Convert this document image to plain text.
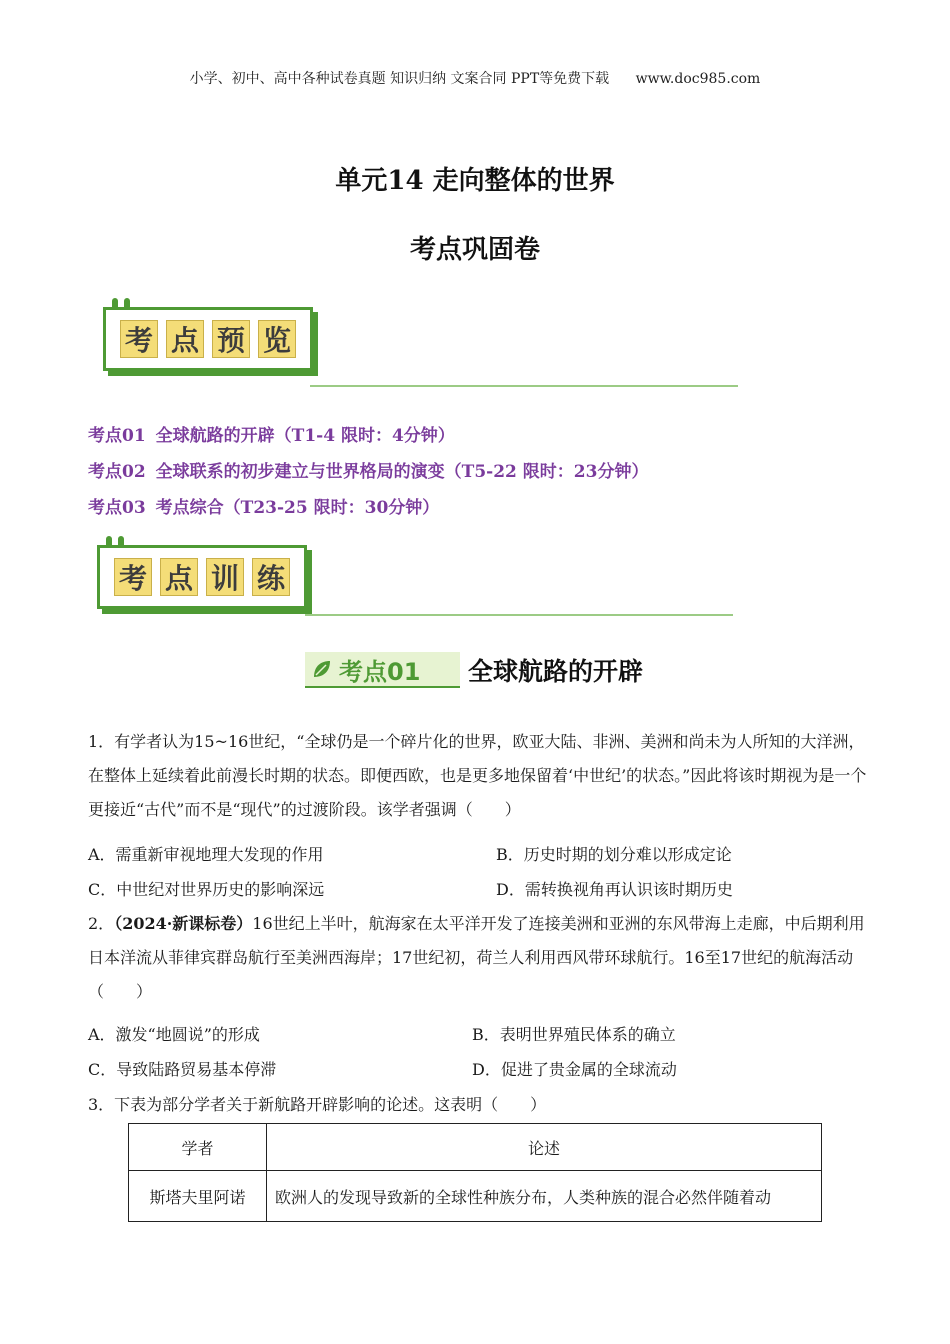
小学、初中、高中各种试卷真题 知识归纳 文案合同 PPT等免费下载 www.doc985.com
单元14 走向整体的世界
考点巩固卷
考 点 预 览
考点01 全球航路的开辟（T1-4 限时：4分钟）
考点02 全球联系的初步建立与世界格局的演变（T5-22 限时：23分钟）
考点03 考点综合（T23-25 限时：30分钟）
考 点 训 练
考点01 全球航路的开辟
1．有学者认为15~16世纪，“全球仍是一个碎片化的世界，欧亚大陆、非洲、美洲和尚未为人所知的大洋洲，在整体上延续着此前漫长时期的状态。即便西欧，也是更多地保留着‘中世纪’的状态。”因此将该时期视为是一个更接近“古代”而不是“现代”的过渡阶段。该学者强调（　　）
A．需重新审视地理大发现的作用	B．历史时期的划分难以形成定论
C．中世纪对世界历史的影响深远	D．需转换视角再认识该时期历史
2．（2024·新课标卷）16世纪上半叶，航海家在太平洋开发了连接美洲和亚洲的东风带海上走廊，中后期利用日本洋流从菲律宾群岛航行至美洲西海岸；17世纪初，荷兰人利用西风带环球航行。16至17世纪的航海活动（　　）
A．激发“地圆说”的形成	B．表明世界殖民体系的确立
C．导致陆路贸易基本停滞	D．促进了贵金属的全球流动
3．下表为部分学者关于新航路开辟影响的论述。这表明（　　）
学者	论述
斯塔夫里阿诺	欧洲人的发现导致新的全球性种族分布，人类种族的混合必然伴随着动
